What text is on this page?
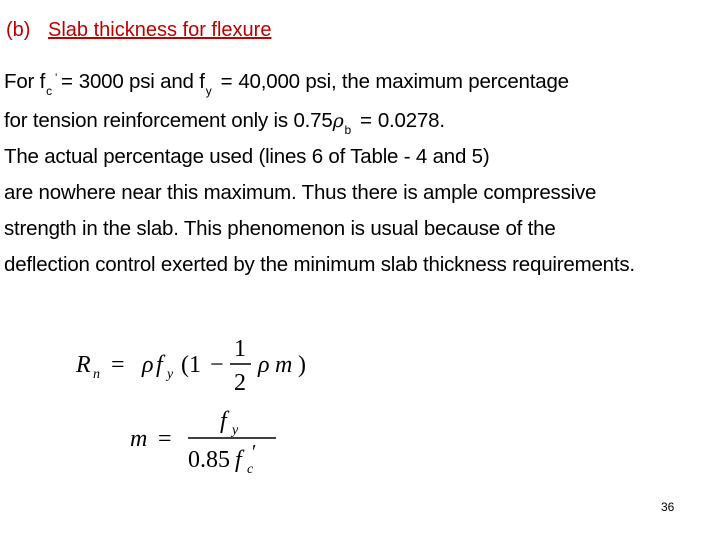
(b) Slab thickness for flexure
For f '
$_c$ = 3000 psi and $f_y = 40,000$ psi, the maximum percentage
for tension reinforcement only is $0.75\rho_b = 0.0278$.
The actual percentage used (lines 6 of Table - 4 and 5)
are nowhere near this maximum. Thus there is ample compressive
strength in the slab. This phenomenon is usual because of the
deflection control exerted by the minimum slab thickness requirements.
R n = ρ f y (1 −
1
2
ρ m )
m =
f y
0.85 f c
′
36
